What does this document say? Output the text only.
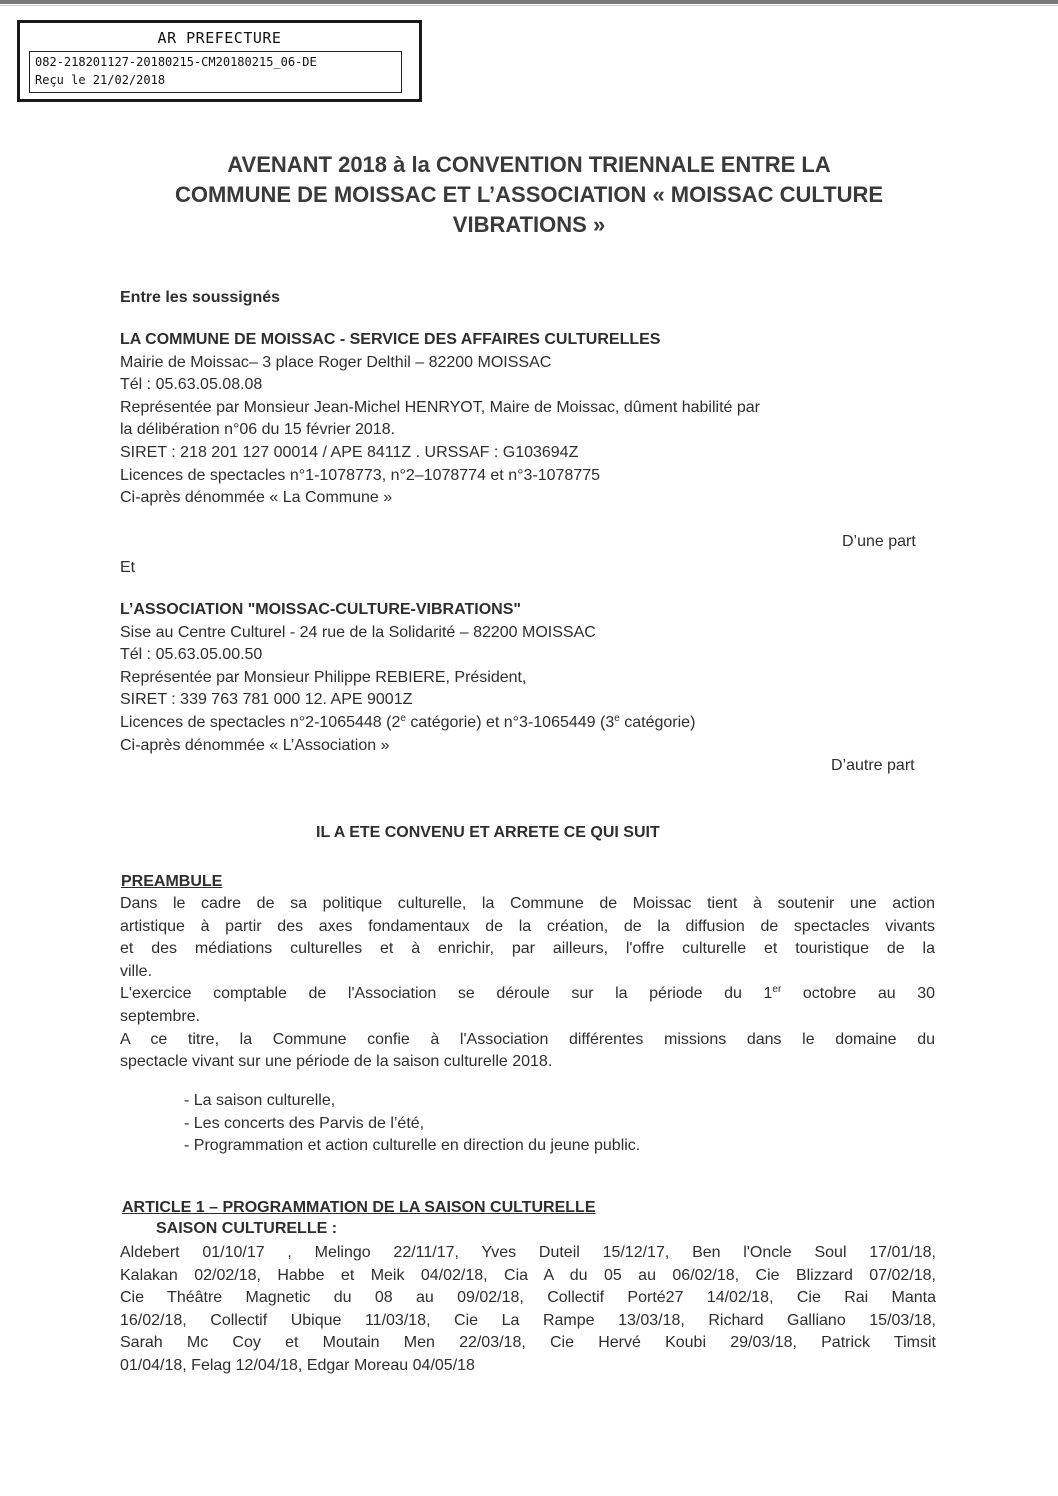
AR PREFECTURE
082-218201127-20180215-CM20180215_06-DE
Reçu le 21/02/2018
AVENANT 2018 à la CONVENTION TRIENNALE ENTRE LA
COMMUNE DE MOISSAC ET L’ASSOCIATION « MOISSAC CULTURE
VIBRATIONS »
Entre les soussignés
LA COMMUNE DE MOISSAC - SERVICE DES AFFAIRES CULTURELLES
Mairie de Moissac– 3 place Roger Delthil – 82200 MOISSAC
Tél : 05.63.05.08.08
Représentée par Monsieur Jean-Michel HENRYOT, Maire de Moissac, dûment habilité par
la délibération n°06 du 15 février 2018.
SIRET : 218 201 127 00014 / APE 8411Z . URSSAF : G103694Z
Licences de spectacles n°1-1078773, n°2–1078774 et n°3-1078775
Ci-après dénommée « La Commune »
D’une part
Et
L’ASSOCIATION "MOISSAC-CULTURE-VIBRATIONS"
Sise au Centre Culturel - 24 rue de la Solidarité – 82200 MOISSAC
Tél : 05.63.05.00.50
Représentée par Monsieur Philippe REBIERE, Président,
SIRET : 339 763 781 000 12. APE 9001Z
Licences de spectacles n°2-1065448 (2e catégorie) et n°3-1065449 (3e catégorie)
Ci-après dénommée « L’Association »
D’autre part
IL A ETE CONVENU ET ARRETE CE QUI SUIT
PREAMBULE
Dans le cadre de sa politique culturelle, la Commune de Moissac tient à soutenir une action
artistique à partir des axes fondamentaux de la création, de la diffusion de spectacles vivants
et des médiations culturelles et à enrichir, par ailleurs, l'offre culturelle et touristique de la
ville.
L'exercice comptable de l'Association se déroule sur la période du 1er octobre au 30
septembre.
A ce titre, la Commune confie à l'Association différentes missions dans le domaine du
spectacle vivant sur une période de la saison culturelle 2018.
- La saison culturelle,
- Les concerts des Parvis de l’été,
- Programmation et action culturelle en direction du jeune public.
ARTICLE 1 – PROGRAMMATION DE LA SAISON CULTURELLE
SAISON CULTURELLE :
Aldebert 01/10/17 , Melingo 22/11/17, Yves Duteil 15/12/17, Ben l'Oncle Soul 17/01/18,
Kalakan 02/02/18, Habbe et Meik 04/02/18, Cia A du 05 au 06/02/18, Cie Blizzard 07/02/18,
Cie Théâtre Magnetic du 08 au 09/02/18, Collectif Porté27 14/02/18, Cie Rai Manta
16/02/18, Collectif Ubique 11/03/18, Cie La Rampe 13/03/18, Richard Galliano 15/03/18,
Sarah Mc Coy et Moutain Men 22/03/18, Cie Hervé Koubi 29/03/18, Patrick Timsit
01/04/18, Felag 12/04/18, Edgar Moreau 04/05/18
